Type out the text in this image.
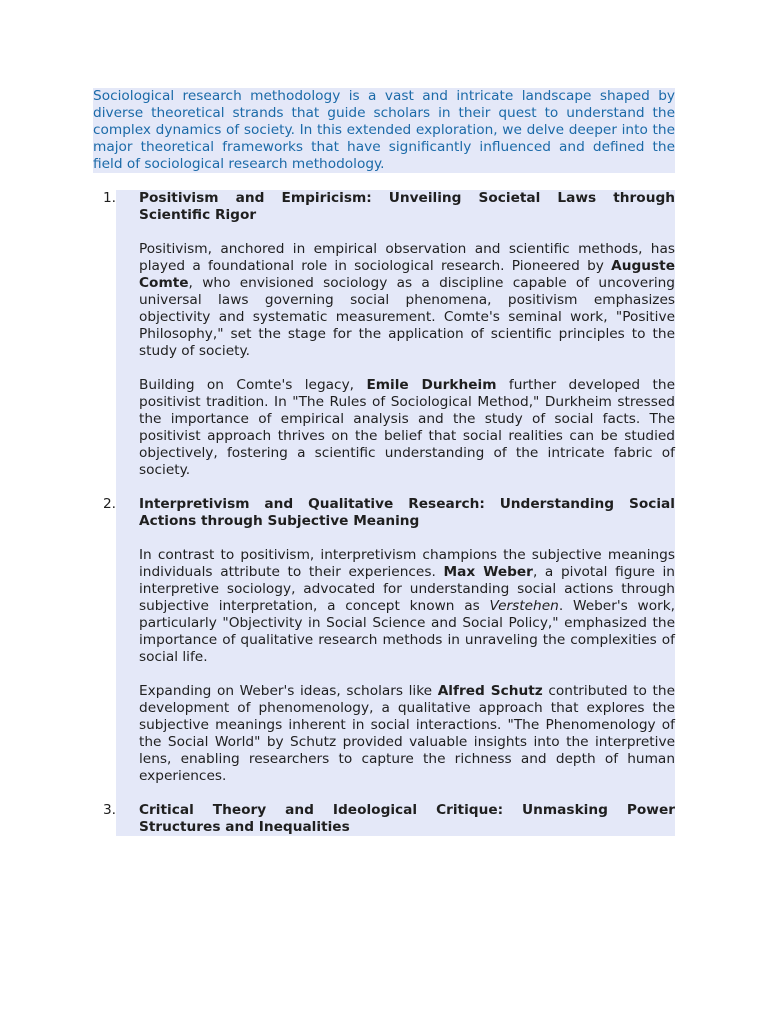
Sociological research methodology is a vast and intricate landscape shaped by diverse theoretical strands that guide scholars in their quest to understand the complex dynamics of society. In this extended exploration, we delve deeper into the major theoretical frameworks that have significantly influenced and defined the field of sociological research methodology.

1. Positivism and Empiricism: Unveiling Societal Laws through Scientific Rigor

Positivism, anchored in empirical observation and scientific methods, has played a foundational role in sociological research. Pioneered by Auguste Comte, who envisioned sociology as a discipline capable of uncovering universal laws governing social phenomena, positivism emphasizes objectivity and systematic measurement. Comte's seminal work, "Positive Philosophy," set the stage for the application of scientific principles to the study of society.

Building on Comte's legacy, Emile Durkheim further developed the positivist tradition. In "The Rules of Sociological Method," Durkheim stressed the importance of empirical analysis and the study of social facts. The positivist approach thrives on the belief that social realities can be studied objectively, fostering a scientific understanding of the intricate fabric of society.

2. Interpretivism and Qualitative Research: Understanding Social Actions through Subjective Meaning

In contrast to positivism, interpretivism champions the subjective meanings individuals attribute to their experiences. Max Weber, a pivotal figure in interpretive sociology, advocated for understanding social actions through subjective interpretation, a concept known as Verstehen. Weber's work, particularly "Objectivity in Social Science and Social Policy," emphasized the importance of qualitative research methods in unraveling the complexities of social life.

Expanding on Weber's ideas, scholars like Alfred Schutz contributed to the development of phenomenology, a qualitative approach that explores the subjective meanings inherent in social interactions. "The Phenomenology of the Social World" by Schutz provided valuable insights into the interpretive lens, enabling researchers to capture the richness and depth of human experiences.

3. Critical Theory and Ideological Critique: Unmasking Power Structures and Inequalities
